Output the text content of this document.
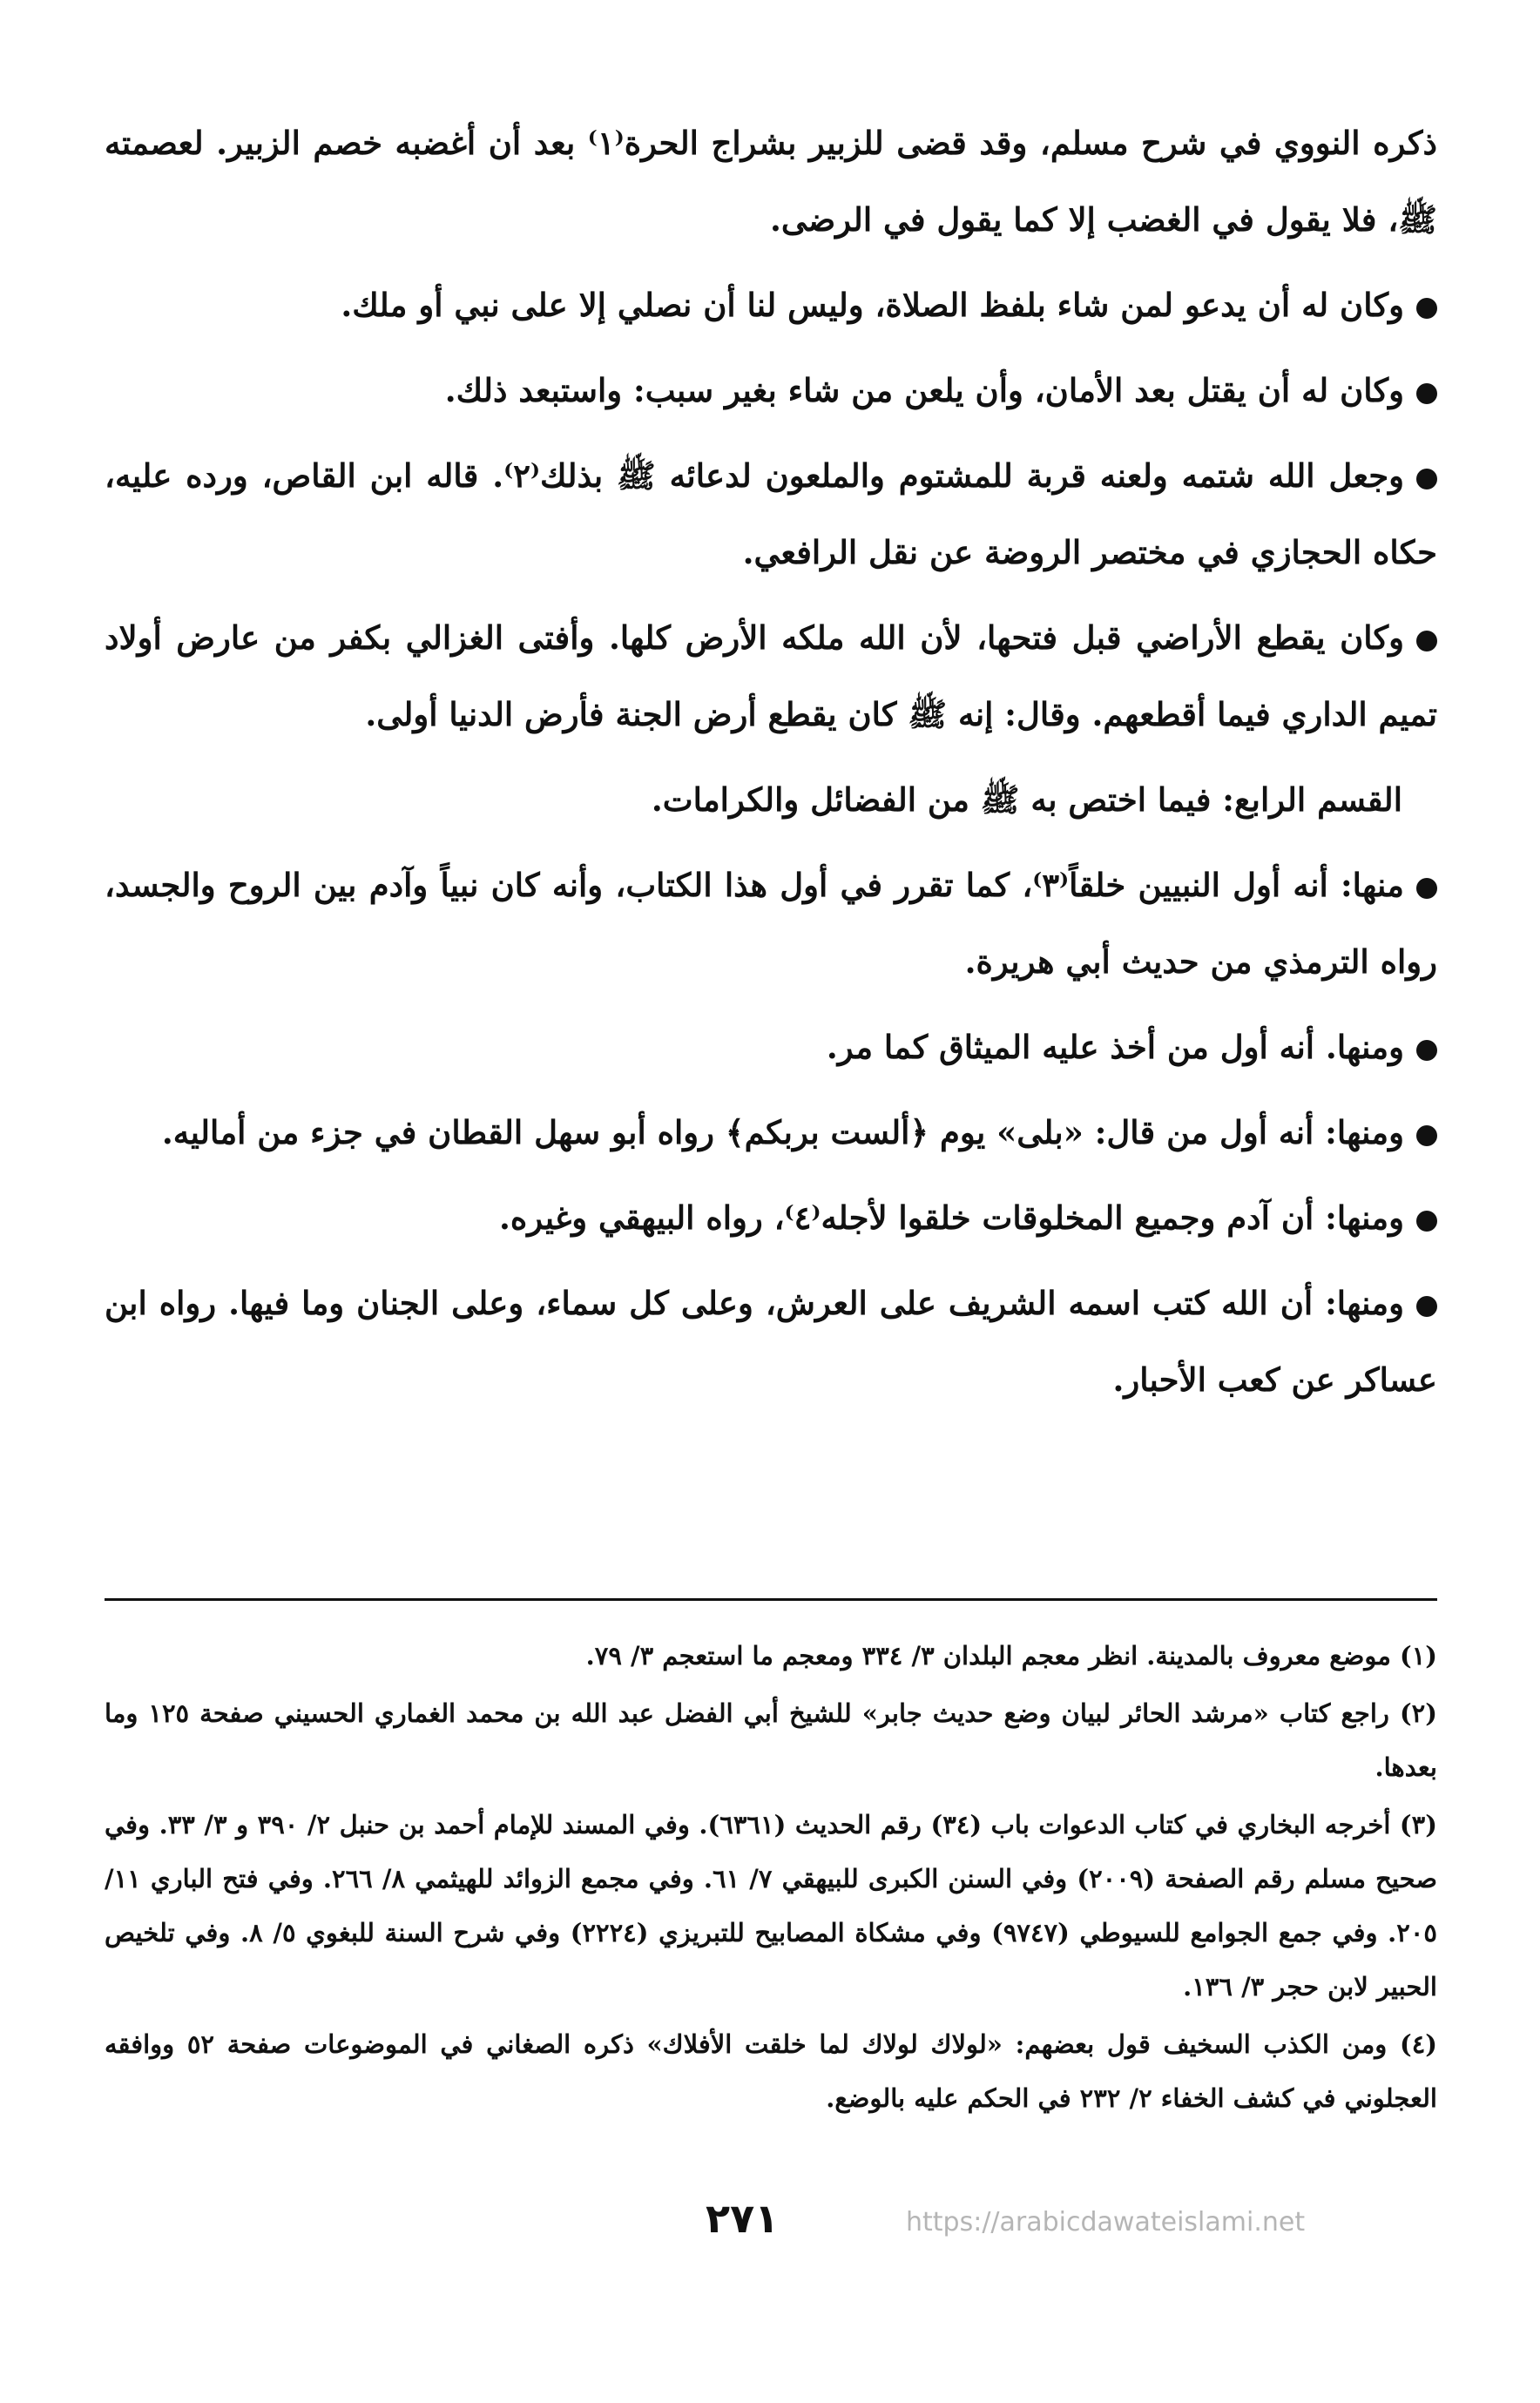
ذكره النووي في شرح مسلم، وقد قضى للزبير بشراج الحرة⁽١⁾ بعد أن أغضبه خصم الزبير. لعصمته ﷺ، فلا يقول في الغضب إلا كما يقول في الرضى.

وكان له أن يدعو لمن شاء بلفظ الصلاة، وليس لنا أن نصلي إلا على نبي أو ملك.

وكان له أن يقتل بعد الأمان، وأن يلعن من شاء بغير سبب: واستبعد ذلك.

وجعل الله شتمه ولعنه قربة للمشتوم والملعون لدعائه ﷺ بذلك⁽٢⁾. قاله ابن القاص، ورده عليه، حكاه الحجازي في مختصر الروضة عن نقل الرافعي.

وكان يقطع الأراضي قبل فتحها، لأن الله ملكه الأرض كلها. وأفتى الغزالي بكفر من عارض أولاد تميم الداري فيما أقطعهم. وقال: إنه ﷺ كان يقطع أرض الجنة فأرض الدنيا أولى.

القسم الرابع: فيما اختص به ﷺ من الفضائل والكرامات.

منها: أنه أول النبيين خلقاً⁽٣⁾، كما تقرر في أول هذا الكتاب، وأنه كان نبياً وآدم بين الروح والجسد، رواه الترمذي من حديث أبي هريرة.

ومنها. أنه أول من أخذ عليه الميثاق كما مر.

ومنها: أنه أول من قال: «بلى» يوم ﴿ألست بربكم﴾ رواه أبو سهل القطان في جزء من أماليه.

ومنها: أن آدم وجميع المخلوقات خلقوا لأجله⁽٤⁾، رواه البيهقي وغيره.

ومنها: أن الله كتب اسمه الشريف على العرش، وعلى كل سماء، وعلى الجنان وما فيها. رواه ابن عساكر عن كعب الأحبار.

(١) موضع معروف بالمدينة. انظر معجم البلدان ٣/ ٣٣٤ ومعجم ما استعجم ٣/ ٧٩.

(٢) راجع كتاب «مرشد الحائر لبيان وضع حديث جابر» للشيخ أبي الفضل عبد الله بن محمد الغماري الحسيني صفحة ١٢٥ وما بعدها.

(٣) أخرجه البخاري في كتاب الدعوات باب (٣٤) رقم الحديث (٦٣٦١). وفي المسند للإمام أحمد بن حنبل ٢/ ٣٩٠ و ٣/ ٣٣. وفي صحيح مسلم رقم الصفحة (٢٠٠٩) وفي السنن الكبرى للبيهقي ٧/ ٦١. وفي مجمع الزوائد للهيثمي ٨/ ٢٦٦. وفي فتح الباري ١١/ ٢٠٥. وفي جمع الجوامع للسيوطي (٩٧٤٧) وفي مشكاة المصابيح للتبريزي (٢٢٢٤) وفي شرح السنة للبغوي ٥/ ٨. وفي تلخيص الحبير لابن حجر ٣/ ١٣٦.

(٤) ومن الكذب السخيف قول بعضهم: «لولاك لولاك لما خلقت الأفلاك» ذكره الصغاني في الموضوعات صفحة ٥٢ ووافقه العجلوني في كشف الخفاء ٢/ ٢٣٢ في الحكم عليه بالوضع.

٢٧١	https://arabicdawateislami.net
